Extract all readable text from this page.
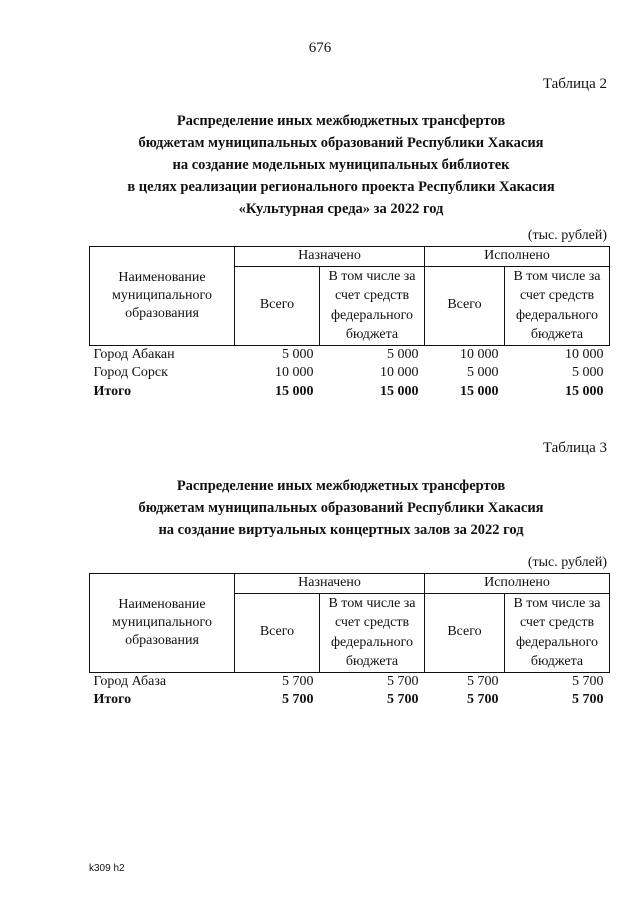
676
Таблица 2
Распределение иных межбюджетных трансфертов
бюджетам муниципальных образований Республики Хакасия
на создание модельных муниципальных библиотек
в целях реализации регионального проекта Республики Хакасия
«Культурная среда» за 2022 год
(тыс. рублей)
Наименование муниципального образования	Назначено		Исполнено	
	Всего	В том числе за счет средств федерального бюджета	Всего	В том числе за счет средств федерального бюджета
Город Абакан	5 000	5 000	10 000	10 000
Город Сорск	10 000	10 000	5 000	5 000
Итого	15 000	15 000	15 000	15 000
Таблица 3
Распределение иных межбюджетных трансфертов
бюджетам муниципальных образований Республики Хакасия
на создание виртуальных концертных залов за 2022 год
(тыс. рублей)
Наименование муниципального образования	Назначено		Исполнено	
	Всего	В том числе за счет средств федерального бюджета	Всего	В том числе за счет средств федерального бюджета
Город Абаза	5 700	5 700	5 700	5 700
Итого	5 700	5 700	5 700	5 700
k309 h2
